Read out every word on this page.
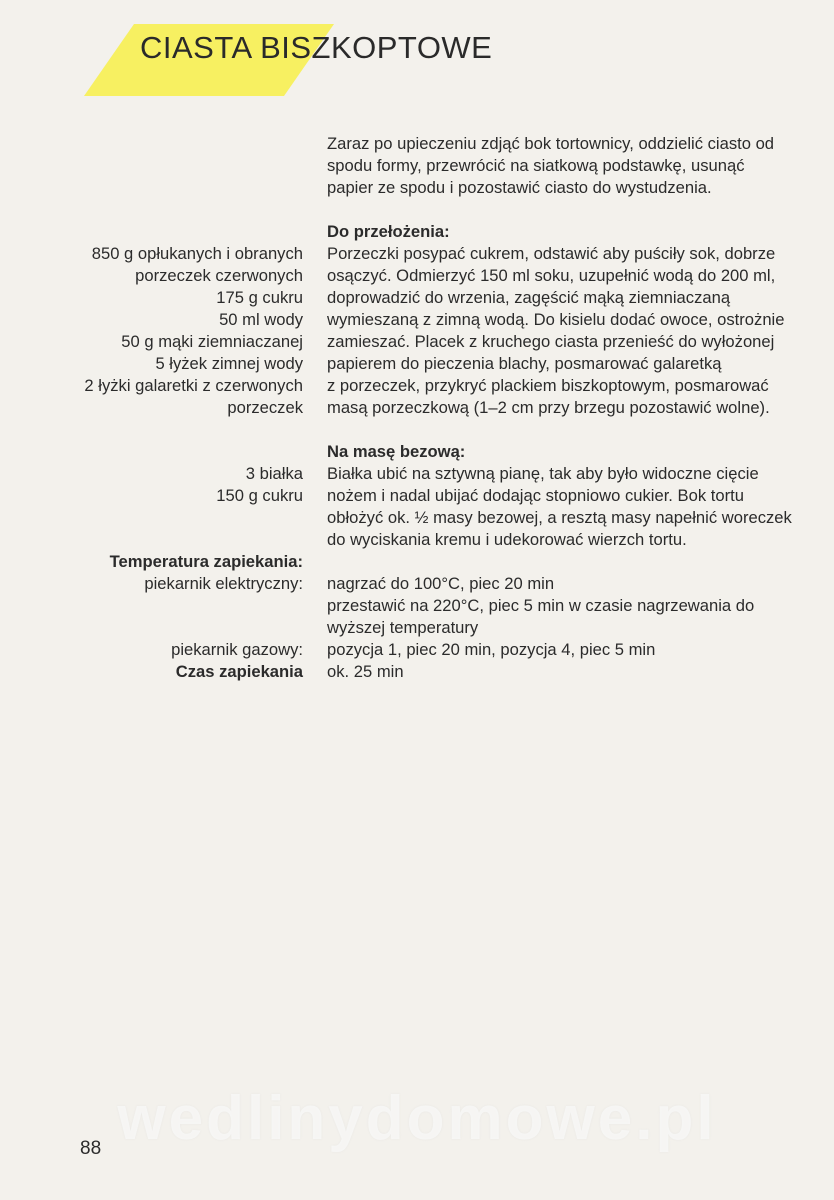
CIASTA BISZKOPTOWE
Zaraz po upieczeniu zdjąć bok tortownicy, oddzielić ciasto od
spodu formy, przewrócić na siatkową podstawkę, usunąć
papier ze spodu i pozostawić ciasto do wystudzenia.
Do przełożenia:
850 g opłukanych i obranych
porzeczek czerwonych
175 g cukru
50 ml wody
50 g mąki ziemniaczanej
5 łyżek zimnej wody
2 łyżki galaretki z czerwonych
porzeczek
Porzeczki posypać cukrem, odstawić aby puściły sok, dobrze
osączyć. Odmierzyć 150 ml soku, uzupełnić wodą do 200 ml,
doprowadzić do wrzenia, zagęścić mąką ziemniaczaną
wymieszaną z zimną wodą. Do kisielu dodać owoce, ostrożnie
zamieszać. Placek z kruchego ciasta przenieść do wyłożonej
papierem do pieczenia blachy, posmarować galaretką
z porzeczek, przykryć plackiem biszkoptowym, posmarować
masą porzeczkową (1–2 cm przy brzegu pozostawić wolne).
Na masę bezową:
3 białka
150 g cukru
Białka ubić na sztywną pianę, tak aby było widoczne cięcie
nożem i nadal ubijać dodając stopniowo cukier. Bok tortu
obłożyć ok. ½ masy bezowej, a resztą masy napełnić woreczek
do wyciskania kremu i udekorować wierzch tortu.
Temperatura zapiekania:
piekarnik elektryczny: nagrzać do 100°C, piec 20 min
przestawić na 220°C, piec 5 min w czasie nagrzewania do
wyższej temperatury
piekarnik gazowy: pozycja 1, piec 20 min, pozycja 4, piec 5 min
Czas zapiekania ok. 25 min
wedlinydomowe.pl
88
